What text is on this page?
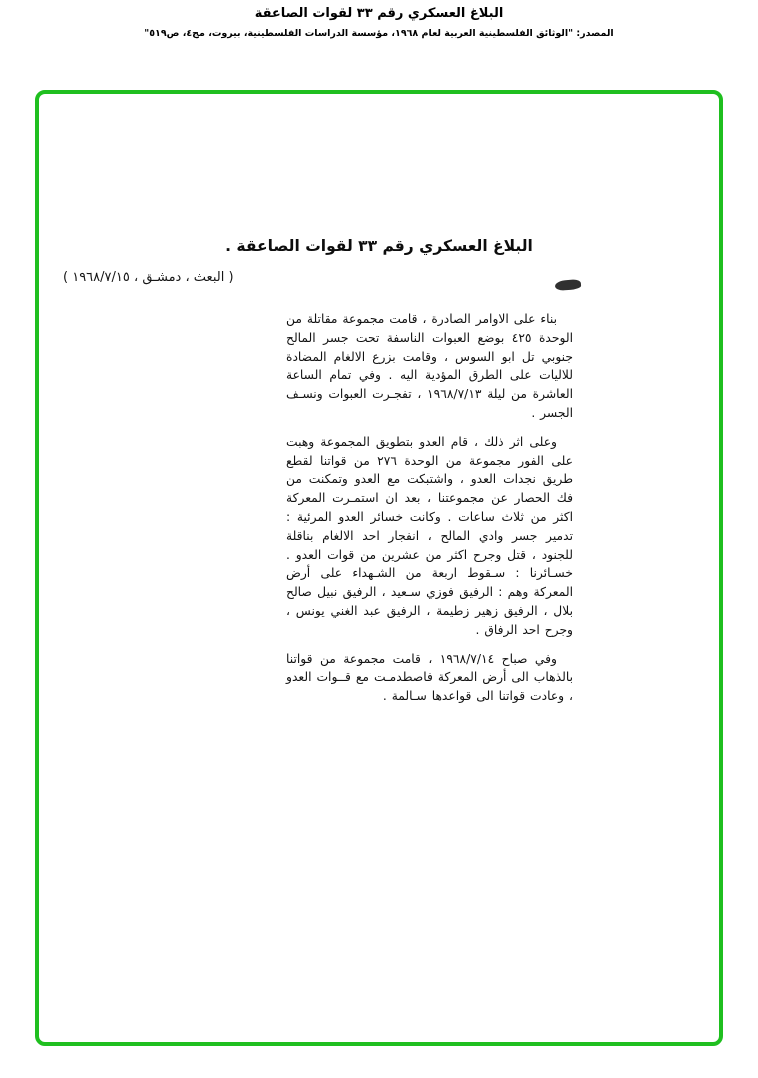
البلاغ العسكري رقم ٣٣ لقوات الصاعقة
المصدر: "الوثائق الفلسطينية العربية لعام ١٩٦٨، مؤسسة الدراسات الفلسطينية، بيروت، مج٤، ص٥١٩"
البلاغ العسكري رقم ٣٣ لقوات الصاعقة .
( البعث ، دمشـق ، ١٩٦٨/٧/١٥ )

بناء على الاوامر الصادرة ، قامت مجموعة مقاتلة من الوحدة ٤٢٥ بوضع العبوات الناسفة تحت جسر المالح جنوبي تل ابو السوس ، وقامت بزرع الالغام المضادة للاليات على الطرق المؤدية اليه . وفي تمام الساعة العاشرة من ليلة ١٩٦٨/٧/١٣ ، تفجـرت العبوات ونسـف الجسر .

وعلى اثر ذلك ، قام العدو بتطويق المجموعة وهبت على الفور مجموعة من الوحدة ٢٧٦ من قواتنا لقطع طريق نجدات العدو ، واشتبكت مع العدو وتمكنت من فك الحصار عن مجموعتنا ، بعد ان استمـرت المعركة اكثر من ثلاث ساعات . وكانت خسائر العدو المرئية : تدمير جسر وادي المالح ، انفجار احد الالغام بناقلة للجنود ، قتل وجرح اكثر من عشرين من قوات العدو . خسـائرنا : سـقوط اربعة من الشـهداء على أرض المعركة وهم : الرفيق فوزي سـعيد ، الرفيق نبيل صالح بلال ، الرفيق زهير زطيمة ، الرفيق عبد الغني يونس ، وجرح احد الرفاق .

وفي صباح ١٩٦٨/٧/١٤ ، قامت مجموعة من قواتنا بالذهاب الى أرض المعركة فاصطدمـت مع قــوات العدو ، وعادت قواتنا الى قواعدها سـالمة .
